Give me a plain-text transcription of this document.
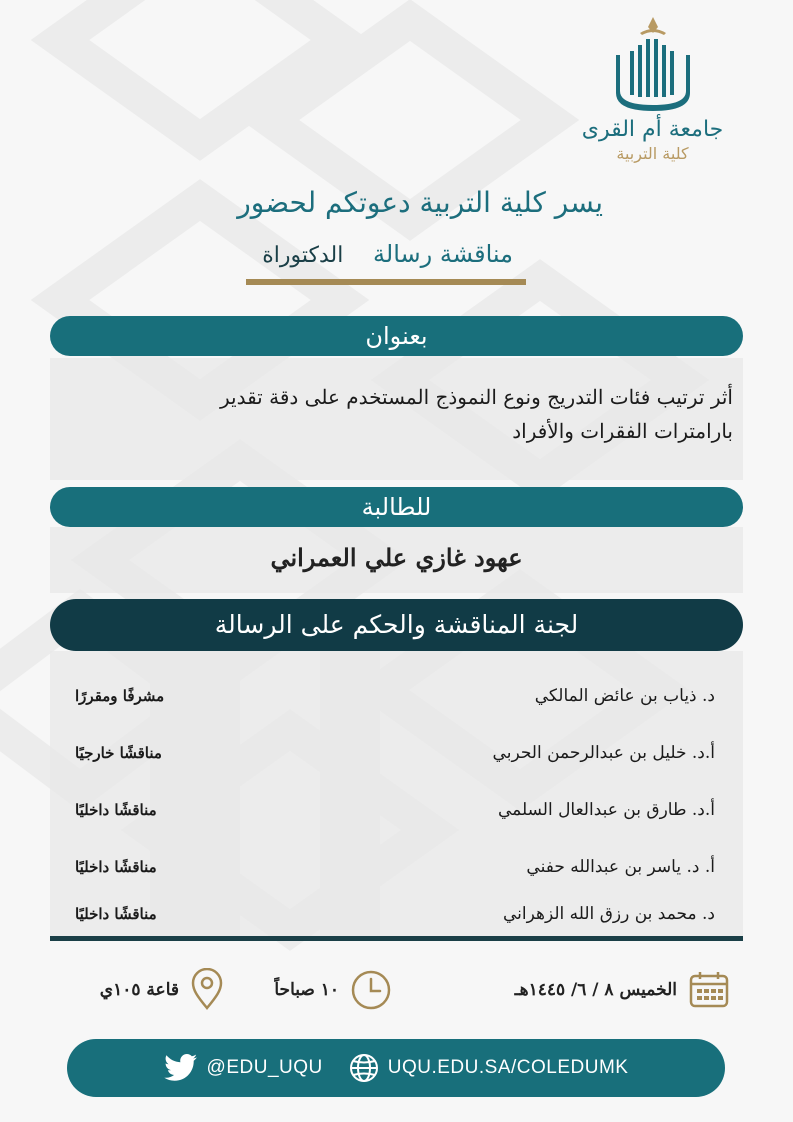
جامعة أم القرى
كلية التربية
يسر كلية التربية دعوتكم لحضور
مناقشة رسالة الدكتوراة
بعنوان
أثر ترتيب فئات التدريج ونوع النموذج المستخدم على دقة تقدير
بارامترات الفقرات والأفراد
للطالبة
عهود غازي علي العمراني
لجنة المناقشة والحكم على الرسالة
د. ذياب بن عائض المالكي
مشرفًا ومقررًا
أ.د. خليل بن عبدالرحمن الحربي
مناقشًا خارجيًا
أ.د. طارق بن عبدالعال السلمي
مناقشًا داخليًا
أ. د. ياسر بن عبدالله حفني
مناقشًا داخليًا
د. محمد بن رزق الله الزهراني
مناقشًا داخليًا
الخميس ٨ / ٦/ ١٤٤٥هـ
١٠ صباحاً
قاعة ١٠٥ي
@EDU_UQU	UQU.EDU.SA/COLEDUMK
